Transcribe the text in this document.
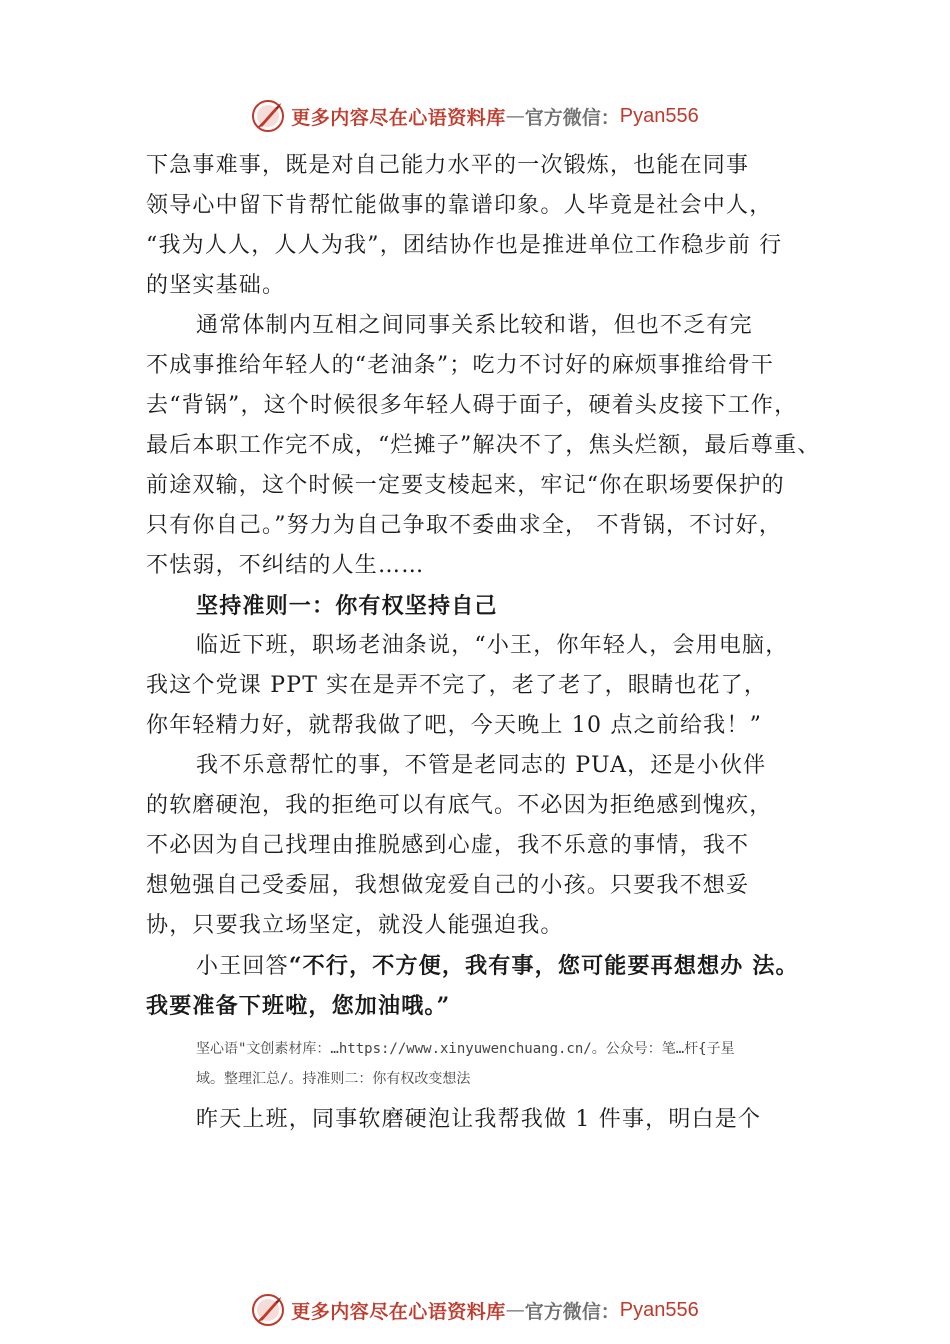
更多内容尽在心语资料库 — 官方微信： Pyan556
下急事难事，既是对自己能力水平的一次锻炼，也能在同事
领导心中留下肯帮忙能做事的靠谱印象。人毕竟是社会中人，
“我为人人，人人为我”，团结协作也是推进单位工作稳步前 行
的坚实基础。
通常体制内互相之间同事关系比较和谐，但也不乏有完
不成事推给年轻人的“老油条”；吃力不讨好的麻烦事推给骨干
去“背锅”，这个时候很多年轻人碍于面子，硬着头皮接下工作，
最后本职工作完不成，“烂摊子”解决不了，焦头烂额，最后尊重、
前途双输，这个时候一定要支棱起来，牢记“你在职场要保护的
只有你自己。”努力为自己争取不委曲求全， 不背锅，不讨好，
不怯弱，不纠结的人生……
坚持准则一：你有权坚持自己
临近下班，职场老油条说，“小王，你年轻人，会用电脑，
我这个党课 PPT 实在是弄不完了，老了老了，眼睛也花了，
你年轻精力好，就帮我做了吧，今天晚上 10 点之前给我！”
我不乐意帮忙的事，不管是老同志的 PUA，还是小伙伴
的软磨硬泡，我的拒绝可以有底气。不必因为拒绝感到愧疚，
不必因为自己找理由推脱感到心虚，我不乐意的事情，我不
想勉强自己受委屈，我想做宠爱自己的小孩。只要我不想妥
协，只要我立场坚定，就没人能强迫我。
小王回答“不行，不方便，我有事，您可能要再想想办 法。
我要准备下班啦，您加油哦。”
坚心语"文创素材库：…https://www.xinyuwenchuang.cn/。公众号：笔…杆{子星
域。整理汇总/。持准则二：你有权改变想法
昨天上班，同事软磨硬泡让我帮我做 1 件事，明白是个
更多内容尽在心语资料库 — 官方微信： Pyan556
